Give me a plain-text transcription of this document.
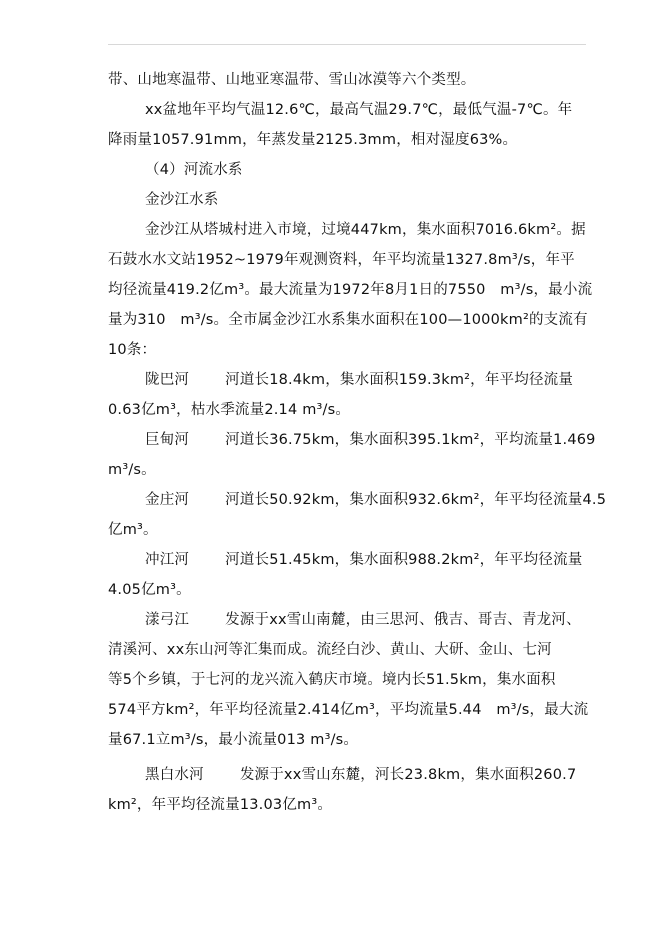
带、山地寒温带、山地亚寒温带、雪山冰漠等六个类型。
xx盆地年平均气温12.6℃，最高气温29.7℃，最低气温-7℃。年
降雨量1057.91mm，年蒸发量2125.3mm，相对湿度63%。
（4）河流水系
金沙江水系
金沙江从塔城村进入市境，过境447km，集水面积7016.6km²。据
石鼓水水文站1952~1979年观测资料，年平均流量1327.8m³/s，年平
均径流量419.2亿m³。最大流量为1972年8月1日的7550　m³/s，最小流
量为310　m³/s。全市属金沙江水系集水面积在100—1000km²的支流有
10条：
陇巴河 河道长18.4km，集水面积159.3km²，年平均径流量
0.63亿m³，枯水季流量2.14 m³/s。
巨甸河 河道长36.75km，集水面积395.1km²，平均流量1.469
m³/s。
金庄河 河道长50.92km，集水面积932.6km²，年平均径流量4.5
亿m³。
冲江河 河道长51.45km，集水面积988.2km²，年平均径流量
4.05亿m³。
漾弓江 发源于xx雪山南麓，由三思河、俄吉、哥吉、青龙河、
清溪河、xx东山河等汇集而成。流经白沙、黄山、大研、金山、七河
等5个乡镇，于七河的龙兴流入鹤庆市境。境内长51.5km，集水面积
574平方km²，年平均径流量2.414亿m³，平均流量5.44　m³/s，最大流
量67.1立m³/s，最小流量013 m³/s。
黑白水河 发源于xx雪山东麓，河长23.8km，集水面积260.7
km²，年平均径流量13.03亿m³。
